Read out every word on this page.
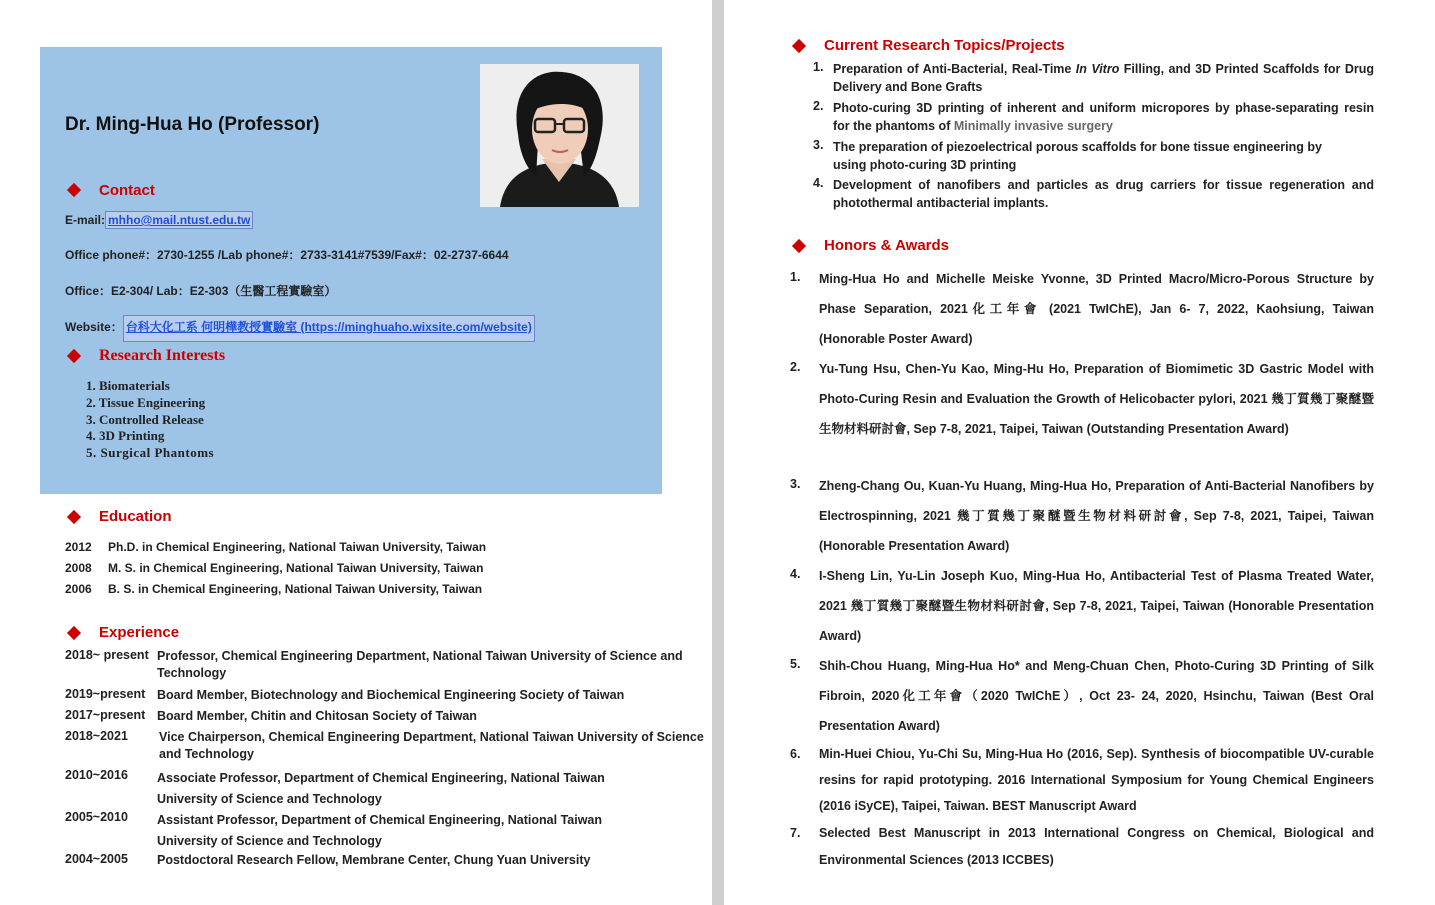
Dr. Ming-Hua Ho (Professor)
Contact
E-mail: mhho@mail.ntust.edu.tw
Office phone#：2730-1255 /Lab phone#：2733-3141#7539/Fax#：02-2737-6644
Office：E2-304/ Lab：E2-303（生醫工程實驗室）
Website： 台科大化工系 何明樺教授實驗室 (https://minghuaho.wixsite.com/website)
Research Interests
1. Biomaterials
2. Tissue Engineering
3. Controlled Release
4. 3D Printing
5. Surgical Phantoms
Education
2012 Ph.D. in Chemical Engineering, National Taiwan University, Taiwan
2008 M. S. in Chemical Engineering, National Taiwan University, Taiwan
2006 B. S. in Chemical Engineering, National Taiwan University, Taiwan
Experience
2018~ present Professor, Chemical Engineering Department, National Taiwan University of Science and Technology
2019~present Board Member, Biotechnology and Biochemical Engineering Society of Taiwan
2017~present Board Member, Chitin and Chitosan Society of Taiwan
2018~2021	Vice Chairperson, Chemical Engineering Department, National Taiwan University of Science and Technology
2010~2016	Associate Professor, Department of Chemical Engineering, National Taiwan University of Science and Technology
2005~2010	Assistant Professor, Department of Chemical Engineering, National Taiwan University of Science and Technology
2004~2005	Postdoctoral Research Fellow, Membrane Center, Chung Yuan University
Current Research Topics/Projects
1. Preparation of Anti-Bacterial, Real-Time In Vitro Filling, and 3D Printed Scaffolds for Drug Delivery and Bone Grafts
2. Photo-curing 3D printing of inherent and uniform micropores by phase-separating resin for the phantoms of Minimally invasive surgery
3. The preparation of piezoelectrical porous scaffolds for bone tissue engineering by using photo-curing 3D printing
4. Development of nanofibers and particles as drug carriers for tissue regeneration and photothermal antibacterial implants.
Honors & Awards
1. Ming-Hua Ho and Michelle Meiske Yvonne, 3D Printed Macro/Micro-Porous Structure by Phase Separation, 2021化工年會 (2021 TwIChE), Jan 6- 7, 2022, Kaohsiung, Taiwan (Honorable Poster Award)
2. Yu-Tung Hsu, Chen-Yu Kao, Ming-Hu Ho, Preparation of Biomimetic 3D Gastric Model with Photo-Curing Resin and Evaluation the Growth of Helicobacter pylori, 2021 幾丁質幾丁聚醚暨生物材料研討會, Sep 7-8, 2021, Taipei, Taiwan (Outstanding Presentation Award)
3. Zheng-Chang Ou, Kuan-Yu Huang, Ming-Hua Ho, Preparation of Anti-Bacterial Nanofibers by Electrospinning, 2021 幾丁質幾丁聚醚暨生物材料研討會, Sep 7-8, 2021, Taipei, Taiwan (Honorable Presentation Award)
4. I-Sheng Lin, Yu-Lin Joseph Kuo, Ming-Hua Ho, Antibacterial Test of Plasma Treated Water, 2021 幾丁質幾丁聚醚暨生物材料研討會, Sep 7-8, 2021, Taipei, Taiwan (Honorable Presentation Award)
5. Shih-Chou Huang, Ming-Hua Ho* and Meng-Chuan Chen, Photo-Curing 3D Printing of Silk Fibroin, 2020化工年會（2020 TwIChE）, Oct 23- 24, 2020, Hsinchu, Taiwan (Best Oral Presentation Award)
6. Min-Huei Chiou, Yu-Chi Su, Ming-Hua Ho (2016, Sep). Synthesis of biocompatible UV-curable resins for rapid prototyping. 2016 International Symposium for Young Chemical Engineers (2016 iSyCE), Taipei, Taiwan. BEST Manuscript Award
7. Selected Best Manuscript in 2013 International Congress on Chemical, Biological and Environmental Sciences (2013 ICCBES)
